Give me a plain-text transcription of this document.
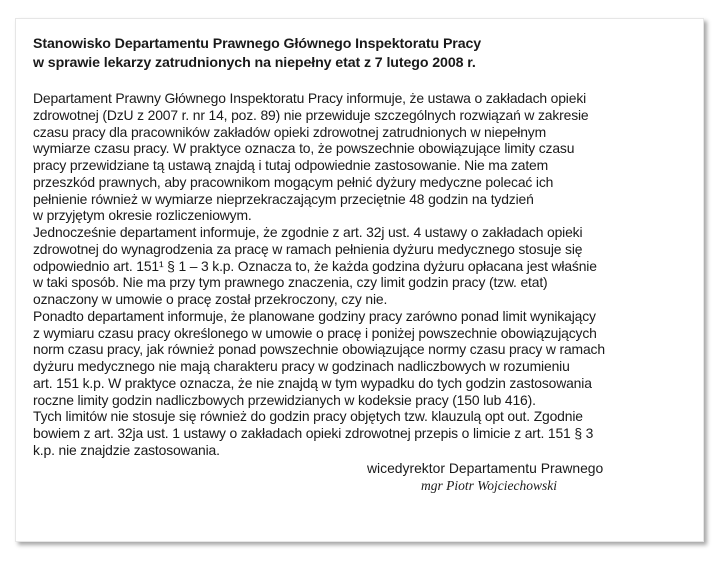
Stanowisko Departamentu Prawnego Głównego Inspektoratu Pracy
w sprawie lekarzy zatrudnionych na niepełny etat z 7 lutego 2008 r.
Departament Prawny Głównego Inspektoratu Pracy informuje, że ustawa o zakładach opieki
zdrowotnej (DzU z 2007 r. nr 14, poz. 89) nie przewiduje szczególnych rozwiązań w zakresie
czasu pracy dla pracowników zakładów opieki zdrowotnej zatrudnionych w niepełnym
wymiarze czasu pracy. W praktyce oznacza to, że powszechnie obowiązujące limity czasu
pracy przewidziane tą ustawą znajdą i tutaj odpowiednie zastosowanie. Nie ma zatem
przeszkód prawnych, aby pracownikom mogącym pełnić dyżury medyczne polecać ich
pełnienie również w wymiarze nieprzekraczającym przeciętnie 48 godzin na tydzień
w przyjętym okresie rozliczeniowym.
Jednocześnie departament informuje, że zgodnie z art. 32j ust. 4 ustawy o zakładach opieki
zdrowotnej do wynagrodzenia za pracę w ramach pełnienia dyżuru medycznego stosuje się
odpowiednio art. 151¹ § 1 – 3 k.p. Oznacza to, że każda godzina dyżuru opłacana jest właśnie
w taki sposób. Nie ma przy tym prawnego znaczenia, czy limit godzin pracy (tzw. etat)
oznaczony w umowie o pracę został przekroczony, czy nie.
Ponadto departament informuje, że planowane godziny pracy zarówno ponad limit wynikający
z wymiaru czasu pracy określonego w umowie o pracę i poniżej powszechnie obowiązujących
norm czasu pracy, jak również ponad powszechnie obowiązujące normy czasu pracy w ramach
dyżuru medycznego nie mają charakteru pracy w godzinach nadliczbowych w rozumieniu
art. 151 k.p. W praktyce oznacza, że nie znajdą w tym wypadku do tych godzin zastosowania
roczne limity godzin nadliczbowych przewidzianych w kodeksie pracy (150 lub 416).
Tych limitów nie stosuje się również do godzin pracy objętych tzw. klauzulą opt out. Zgodnie
bowiem z art. 32ja ust. 1 ustawy o zakładach opieki zdrowotnej przepis o limicie z art. 151 § 3
k.p. nie znajdzie zastosowania.
wicedyrektor Departamentu Prawnego
mgr Piotr Wojciechowski
